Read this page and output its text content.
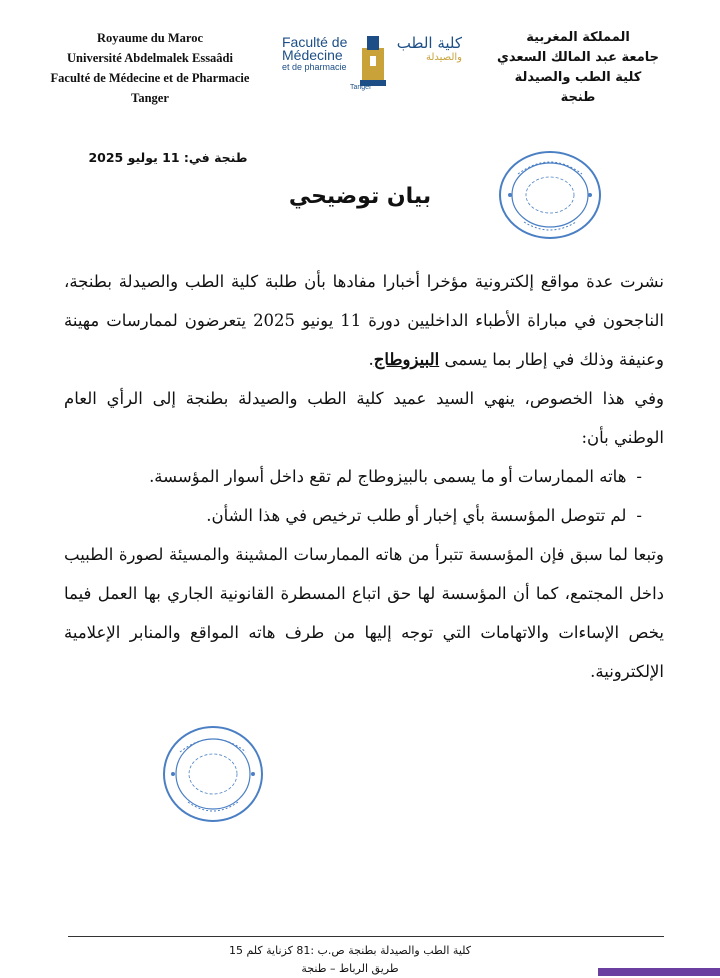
Royaume du Maroc
Université Abdelmalek Essaâdi
Faculté de Médecine et de Pharmacie
Tanger
Faculté de
Médecine
et de pharmacie
Tanger
كلية الطب
والصيدلة
المملكة المغربية
جامعة عبد المالك السعدي
كلية الطب والصيدلة
طنجة
طنجة في: 11 يوليو 2025
بيان توضيحي

نشرت عدة مواقع إلكترونية مؤخرا أخبارا مفادها بأن طلبة كلية الطب والصيدلة بطنجة، الناجحون في مباراة الأطباء الداخليين دورة 11 يونيو 2025 يتعرضون لممارسات مهينة وعنيفة وذلك في إطار بما يسمى البيزوطاج.

وفي هذا الخصوص، ينهي السيد عميد كلية الطب والصيدلة بطنجة إلى الرأي العام الوطني بأن:

-هاته الممارسات أو ما يسمى بالبيزوطاج لم تقع داخل أسوار المؤسسة.

-لم تتوصل المؤسسة بأي إخبار أو طلب ترخيص في هذا الشأن.

وتبعا لما سبق فإن المؤسسة تتبرأ من هاته الممارسات المشينة والمسيئة لصورة الطبيب داخل المجتمع، كما أن المؤسسة لها حق اتباع المسطرة القانونية الجاري بها العمل فيما يخص الإساءات والاتهامات التي توجه إليها من طرف هاته المواقع والمنابر الإعلامية الإلكترونية.

كلية الطب والصيدلة بطنجة ص.ب :81 كزناية كلم 15
طريق الرباط – طنجة
